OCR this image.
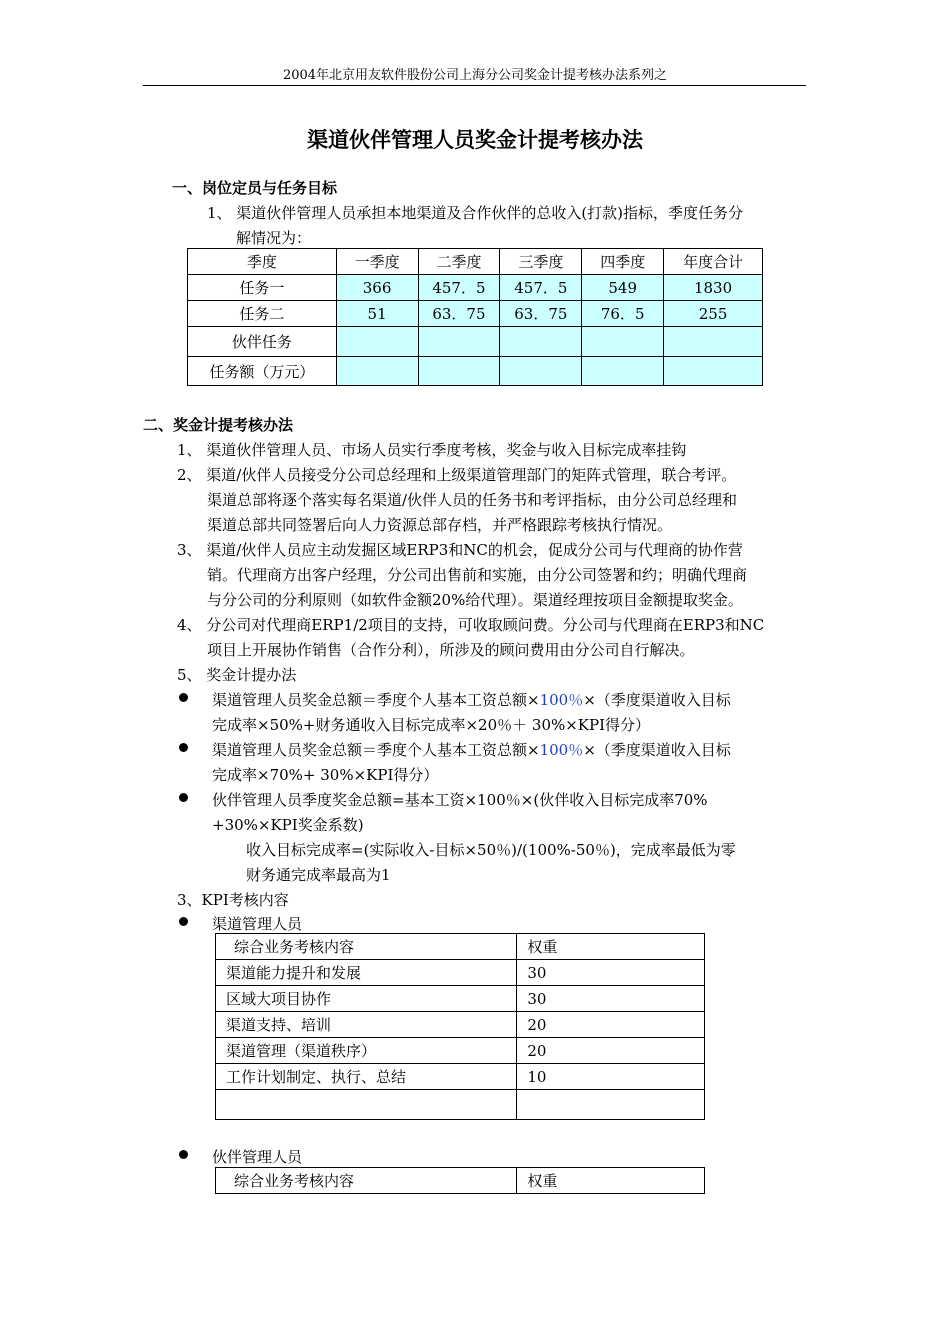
2004年北京用友软件股份公司上海分公司奖金计提考核办法系列之
渠道伙伴管理人员奖金计提考核办法
一、岗位定员与任务目标
1、 渠道伙伴管理人员承担本地渠道及合作伙伴的总收入(打款)指标，季度任务分
解情况为：
季度	一季度	二季度	三季度	四季度	年度合计
任务一	366	457．5	457．5	549	1830
任务二	51	63．75	63．75	76．5	255
伙伴任务					
任务额（万元）					
二、奖金计提考核办法
1、 渠道伙伴管理人员、市场人员实行季度考核，奖金与收入目标完成率挂钩
2、 渠道/伙伴人员接受分公司总经理和上级渠道管理部门的矩阵式管理，联合考评。
渠道总部将逐个落实每名渠道/伙伴人员的任务书和考评指标，由分公司总经理和
渠道总部共同签署后向人力资源总部存档，并严格跟踪考核执行情况。
3、 渠道/伙伴人员应主动发掘区域ERP3和NC的机会，促成分公司与代理商的协作营
销。代理商方出客户经理，分公司出售前和实施，由分公司签署和约；明确代理商
与分公司的分利原则（如软件金额20%给代理）。渠道经理按项目金额提取奖金。
4、 分公司对代理商ERP1/2项目的支持，可收取顾问费。分公司与代理商在ERP3和NC
项目上开展协作销售（合作分利），所涉及的顾问费用由分公司自行解决。
5、 奖金计提办法
渠道管理人员奖金总额＝季度个人基本工资总额×100％×（季度渠道收入目标
完成率×50%+财务通收入目标完成率×20％＋ 30%×KPI得分）
渠道管理人员奖金总额＝季度个人基本工资总额×100％×（季度渠道收入目标
完成率×70%+ 30%×KPI得分）
伙伴管理人员季度奖金总额=基本工资×100％×(伙伴收入目标完成率70%
+30%×KPI奖金系数)
收入目标完成率=(实际收入-目标×50％)/(100%-50％)，完成率最低为零
财务通完成率最高为1
3、KPI考核内容
渠道管理人员
综合业务考核内容	权重
渠道能力提升和发展	30
区域大项目协作	30
渠道支持、培训	20
渠道管理（渠道秩序）	20
工作计划制定、执行、总结	10

伙伴管理人员
综合业务考核内容	权重
